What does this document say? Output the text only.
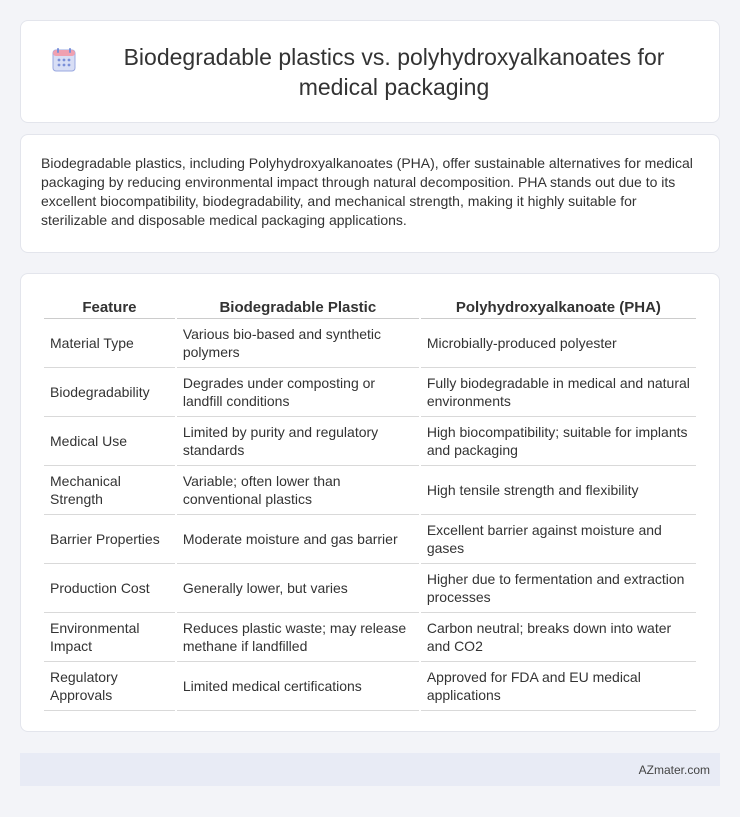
Biodegradable plastics vs. polyhydroxyalkanoates for medical packaging

Biodegradable plastics, including Polyhydroxyalkanoates (PHA), offer sustainable alternatives for medical packaging by reducing environmental impact through natural decomposition. PHA stands out due to its excellent biocompatibility, biodegradability, and mechanical strength, making it highly suitable for sterilizable and disposable medical packaging applications.

Feature	Biodegradable Plastic	Polyhydroxyalkanoate (PHA)
Material Type	Various bio-based and synthetic polymers	Microbially-produced polyester
Biodegradability	Degrades under composting or landfill conditions	Fully biodegradable in medical and natural environments
Medical Use	Limited by purity and regulatory standards	High biocompatibility; suitable for implants and packaging
Mechanical Strength	Variable; often lower than conventional plastics	High tensile strength and flexibility
Barrier Properties	Moderate moisture and gas barrier	Excellent barrier against moisture and gases
Production Cost	Generally lower, but varies	Higher due to fermentation and extraction processes
Environmental Impact	Reduces plastic waste; may release methane if landfilled	Carbon neutral; breaks down into water and CO2
Regulatory Approvals	Limited medical certifications	Approved for FDA and EU medical applications
AZmater.com
